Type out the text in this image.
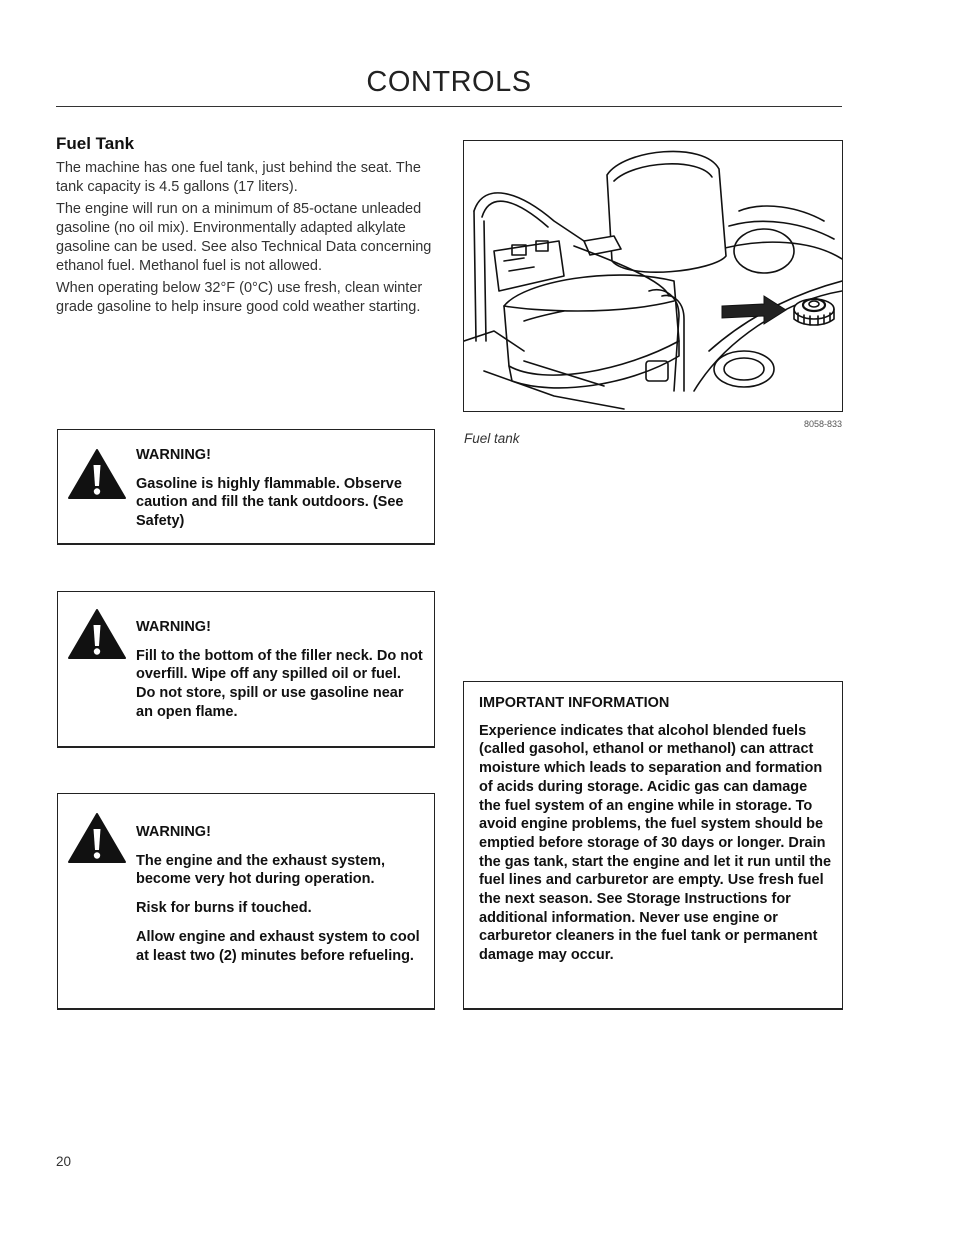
CONTROLS
Fuel Tank

The machine has one fuel tank, just behind the seat. The tank capacity is 4.5 gallons (17 liters).

The engine will run on a minimum of 85-octane unleaded gasoline (no oil mix). Environmentally adapted alkylate gasoline can be used. See also Technical Data concerning ethanol fuel. Methanol fuel is not allowed.

When operating below 32°F (0°C) use fresh, clean winter grade gasoline to help insure good cold weather starting.

WARNING!

Gasoline is highly flammable. Observe caution and fill the tank outdoors. (See Safety)

WARNING!

Fill to the bottom of the filler neck. Do not overfill. Wipe off any spilled oil or fuel. Do not store, spill or use gasoline near an open flame.

WARNING!

The engine and the exhaust system, become very hot during operation.

Risk for burns if touched.

Allow engine and exhaust system to cool at least two (2) minutes before refueling.

8058-833
Fuel tank

IMPORTANT INFORMATION

Experience indicates that alcohol blended fuels (called gasohol, ethanol or methanol) can attract moisture which leads to separation and formation of acids during storage. Acidic gas can damage the fuel system of an engine while in storage. To avoid engine problems, the fuel system should be emptied before storage of 30 days or longer. Drain the gas tank, start the engine and let it run until the fuel lines and carburetor are empty. Use fresh fuel the next season. See Storage Instructions for additional information. Never use engine or carburetor cleaners in the fuel tank or permanent damage may occur.

20
